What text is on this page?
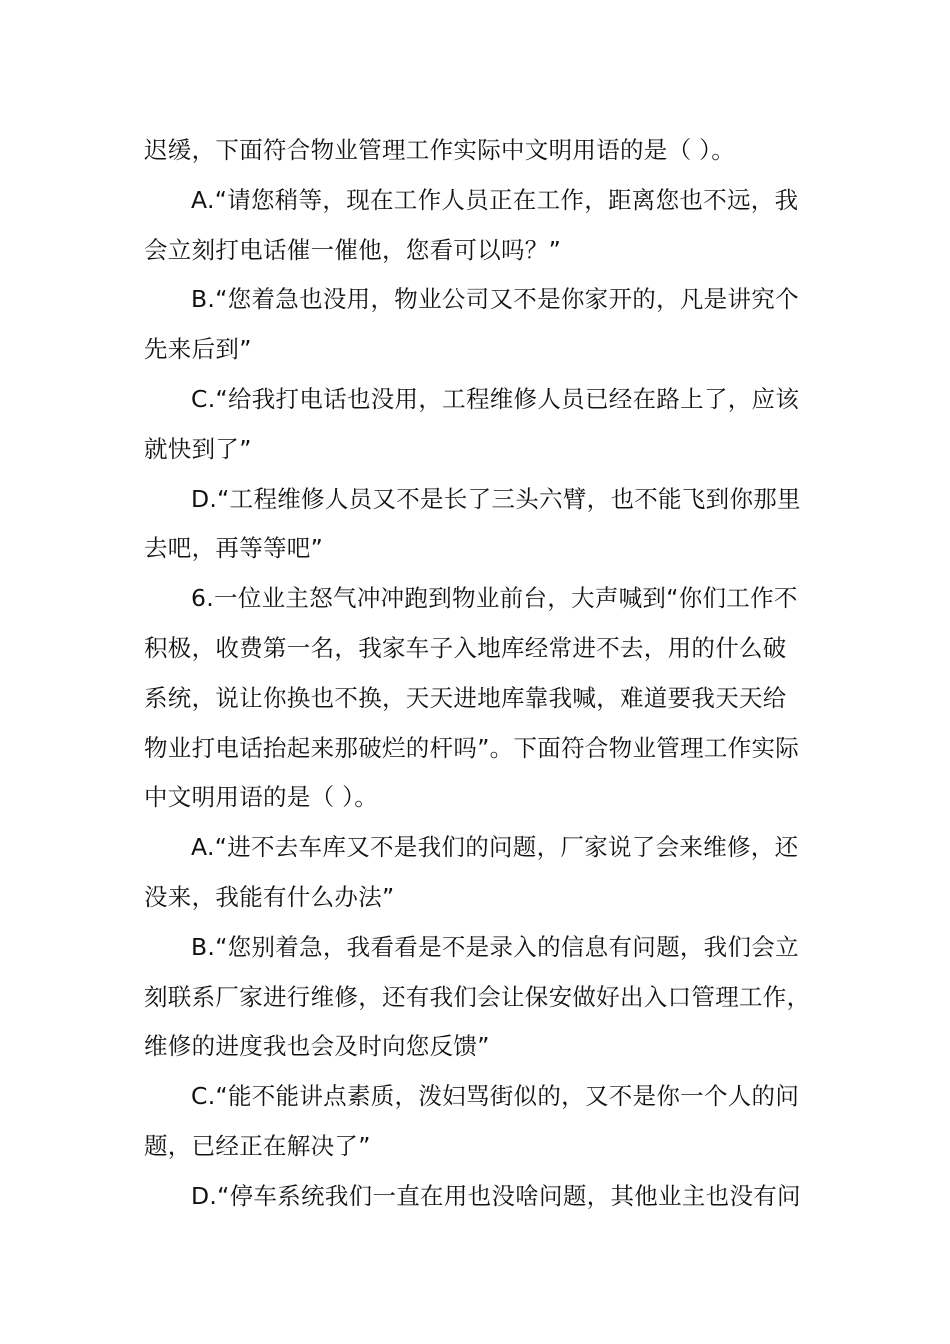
迟缓，下面符合物业管理工作实际中文明用语的是（ ）。
A.“请您稍等，现在工作人员正在工作，距离您也不远，我
会立刻打电话催一催他，您看可以吗？”
B.“您着急也没用，物业公司又不是你家开的，凡是讲究个
先来后到”
C.“给我打电话也没用，工程维修人员已经在路上了，应该
就快到了”
D.“工程维修人员又不是长了三头六臂，也不能飞到你那里
去吧，再等等吧”
6.一位业主怒气冲冲跑到物业前台，大声喊到“你们工作不
积极，收费第一名，我家车子入地库经常进不去，用的什么破
系统，说让你换也不换，天天进地库靠我喊，难道要我天天给
物业打电话抬起来那破烂的杆吗”。下面符合物业管理工作实际
中文明用语的是（ ）。
A.“进不去车库又不是我们的问题，厂家说了会来维修，还
没来，我能有什么办法”
B.“您别着急，我看看是不是录入的信息有问题，我们会立
刻联系厂家进行维修，还有我们会让保安做好出入口管理工作，
维修的进度我也会及时向您反馈”
C.“能不能讲点素质，泼妇骂街似的，又不是你一个人的问
题，已经正在解决了”
D.“停车系统我们一直在用也没啥问题，其他业主也没有问
